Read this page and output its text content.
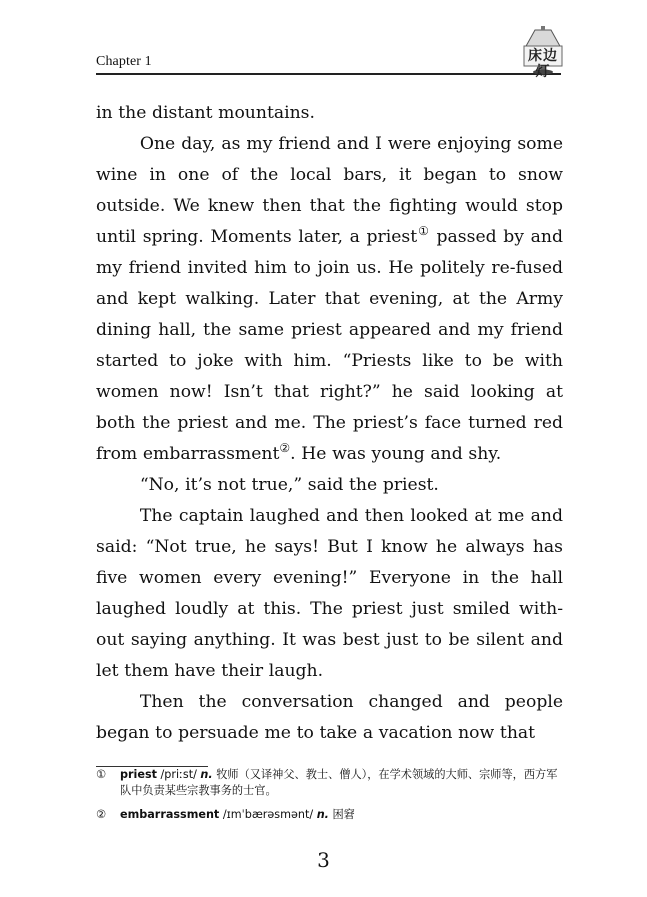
Chapter 1	床边灯

in the distant mountains.

One day, as my friend and I were enjoying some wine in one of the local bars, it began to snow outside. We knew then that the fighting would stop until spring. Moments later, a priest① passed by and my friend invited him to join us. He politely re-fused and kept walking. Later that evening, at the Army dining hall, the same priest appeared and my friend started to joke with him. “Priests like to be with women now! Isn’t that right?” he said looking at both the priest and me. The priest’s face turned red from embarrassment②. He was young and shy.

“No, it’s not true,” said the priest.

The captain laughed and then looked at me and said: “Not true, he says! But I know he always has five women every evening!” Everyone in the hall laughed loudly at this. The priest just smiled with-out saying anything. It was best just to be silent and let them have their laugh.

Then the conversation changed and people began to persuade me to take a vacation now that

①	priest /priːst/ n. 牧师（又译神父、教士、僧人），在学术领域的大师、宗师等，西方军队中负责某些宗教事务的士官。
②	embarrassment /ɪmˈbærəsmənt/ n. 困窘
3
